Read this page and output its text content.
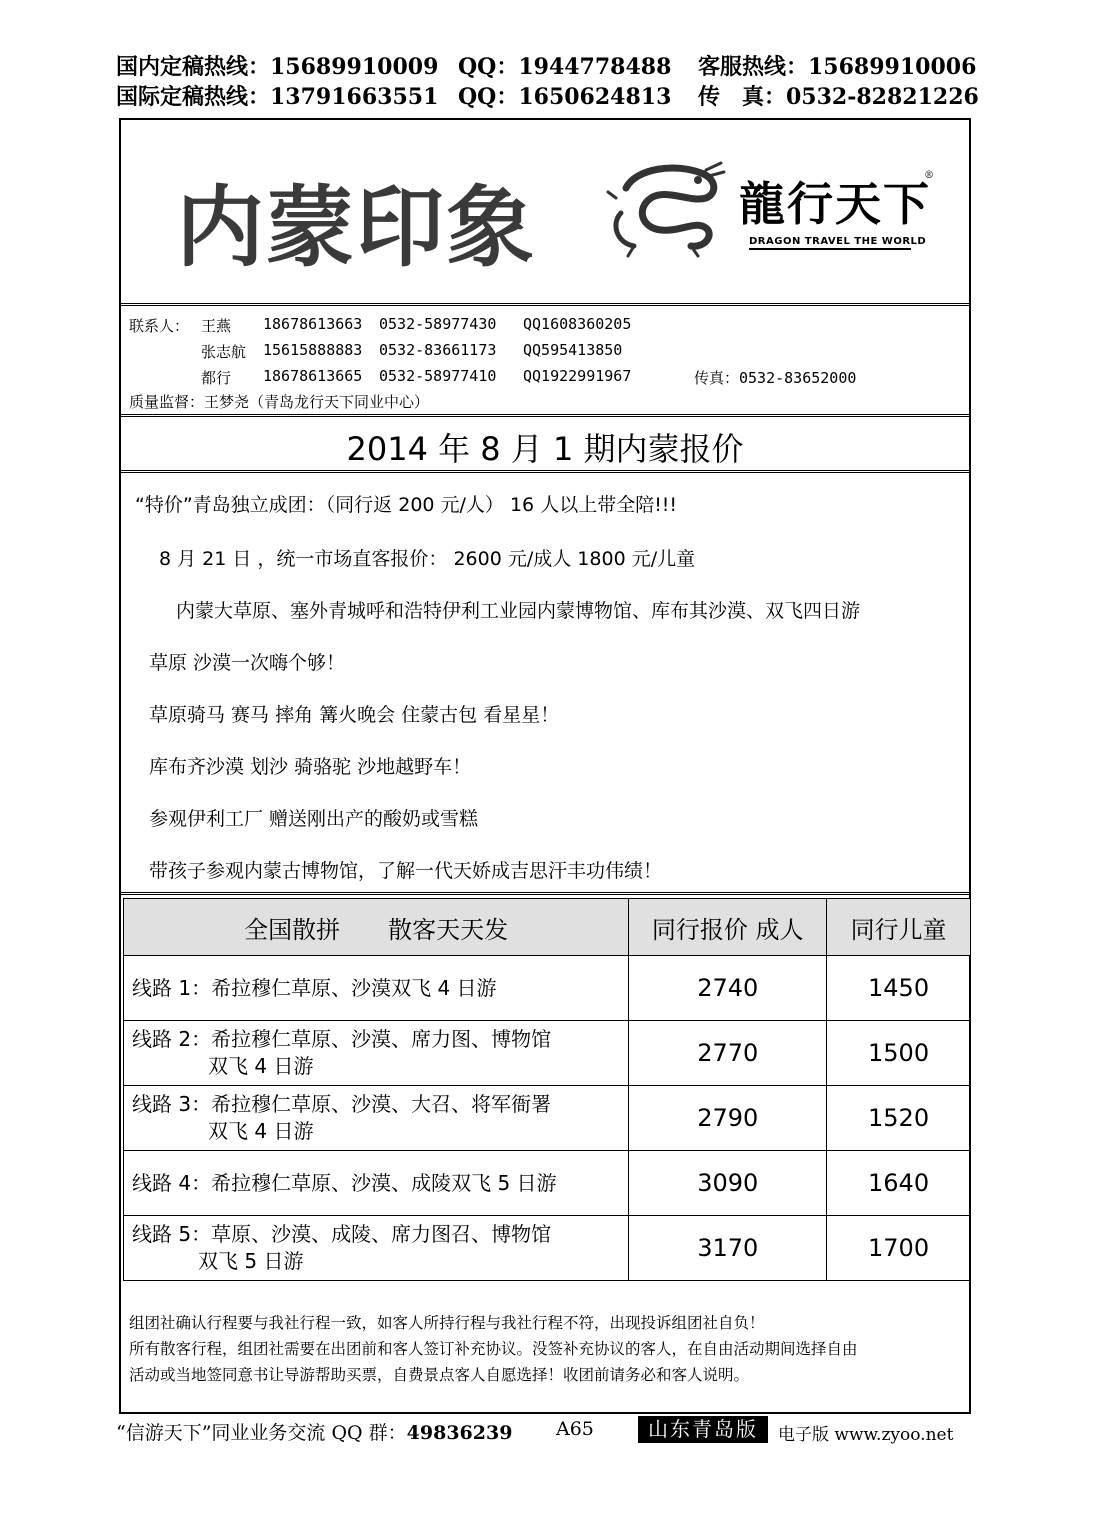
国内定稿热线：15689910009 QQ：1944778488 客服热线：15689910006
国际定稿热线：13791663551 QQ：1650624813 传　真：0532-82821226
内蒙印象	龍行天下
®
DRAGON TRAVEL THE WORLD
联系人： 王燕 18678613663 0532-58977430 QQ1608360205
张志航 15615888883 0532-83661173 QQ595413850
都行 18678613665 0532-58977410 QQ1922991967	传真：0532-83652000
质量监督：王梦尧（青岛龙行天下同业中心）
2014 年 8 月 1 期内蒙报价
“特价”青岛独立成团：（同行返 200 元/人） 16 人以上带全陪!!!
8 月 21 日 ，统一市场直客报价： 2600 元/成人 1800 元/儿童
内蒙大草原、塞外青城呼和浩特伊利工业园内蒙博物馆、库布其沙漠、双飞四日游
草原 沙漠一次嗨个够！
草原骑马 赛马 摔角 篝火晚会 住蒙古包 看星星！
库布齐沙漠 划沙 骑骆驼 沙地越野车！
参观伊利工厂 赠送刚出产的酸奶或雪糕
带孩子参观内蒙古博物馆，了解一代天娇成吉思汗丰功伟绩！
全国散拼　　散客天天发	同行报价 成人	同行儿童
线路 1：希拉穆仁草原、沙漠双飞 4 日游	2740	1450
线路 2：希拉穆仁草原、沙漠、席力图、博物馆
双飞 4 日游	2770	1500
线路 3：希拉穆仁草原、沙漠、大召、将军衙署
双飞 4 日游	2790	1520
线路 4：希拉穆仁草原、沙漠、成陵双飞 5 日游	3090	1640
线路 5：草原、沙漠、成陵、席力图召、博物馆
双飞 5 日游	3170	1700
组团社确认行程要与我社行程一致，如客人所持行程与我社行程不符，出现投诉组团社自负！
所有散客行程，组团社需要在出团前和客人签订补充协议。没签补充协议的客人，在自由活动期间选择自由
活动或当地签同意书让导游帮助买票，自费景点客人自愿选择！收团前请务必和客人说明。
“信游天下”同业业务交流 QQ 群：49836239 A65	山东青岛版	电子版 www.zyoo.net
